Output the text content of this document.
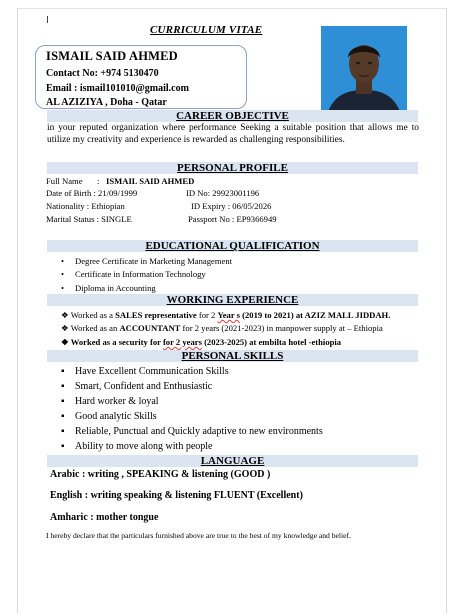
CURRICULUM VITAE
ISMAIL SAID AHMED
Contact No: +974 5130470
Email : ismail101010@gmail.com
AL AZIZIYA , Doha - Qatar
CAREER OBJECTIVE
in your reputed organization where performance Seeking a suitable position that allows me to utilize my creativity and experience is rewarded as challenging responsibilities.
PERSONAL PROFILE
Full Name : ISMAIL SAID AHMED
Date of Birth : 21/09/1999	ID No: 29923001196
Nationality : Ethiopian	ID Expiry : 06/05/2026
Marital Status : SINGLE	Passport No : EP9366949
EDUCATIONAL QUALIFICATION
• Degree Certificate in Marketing Management
• Certificate in Information Technology
• Diploma in Accounting
WORKING EXPERIENCE
❖ Worked as a SALES representative for 2 Year s (2019 to 2021) at AZIZ MALL JIDDAH.
❖ Worked as an ACCOUNTANT for 2 years (2021-2023) in manpower supply at – Ethiopia
❖ Worked as a security for for 2 years (2023-2025) at embilta hotel -ethiopia
PERSONAL SKILLS
▪ Have Excellent Communication Skills
▪ Smart, Confident and Enthusiastic
▪ Hard worker & loyal
▪ Good analytic Skills
▪ Reliable, Punctual and Quickly adaptive to new environments
▪ Ability to move along with people
LANGUAGE
Arabic : writing , SPEAKING & listening (GOOD )
English : writing speaking & listening FLUENT (Excellent)
Amharic : mother tongue
I hereby declare that the particulars furnished above are true to the best of my knowledge and belief.
